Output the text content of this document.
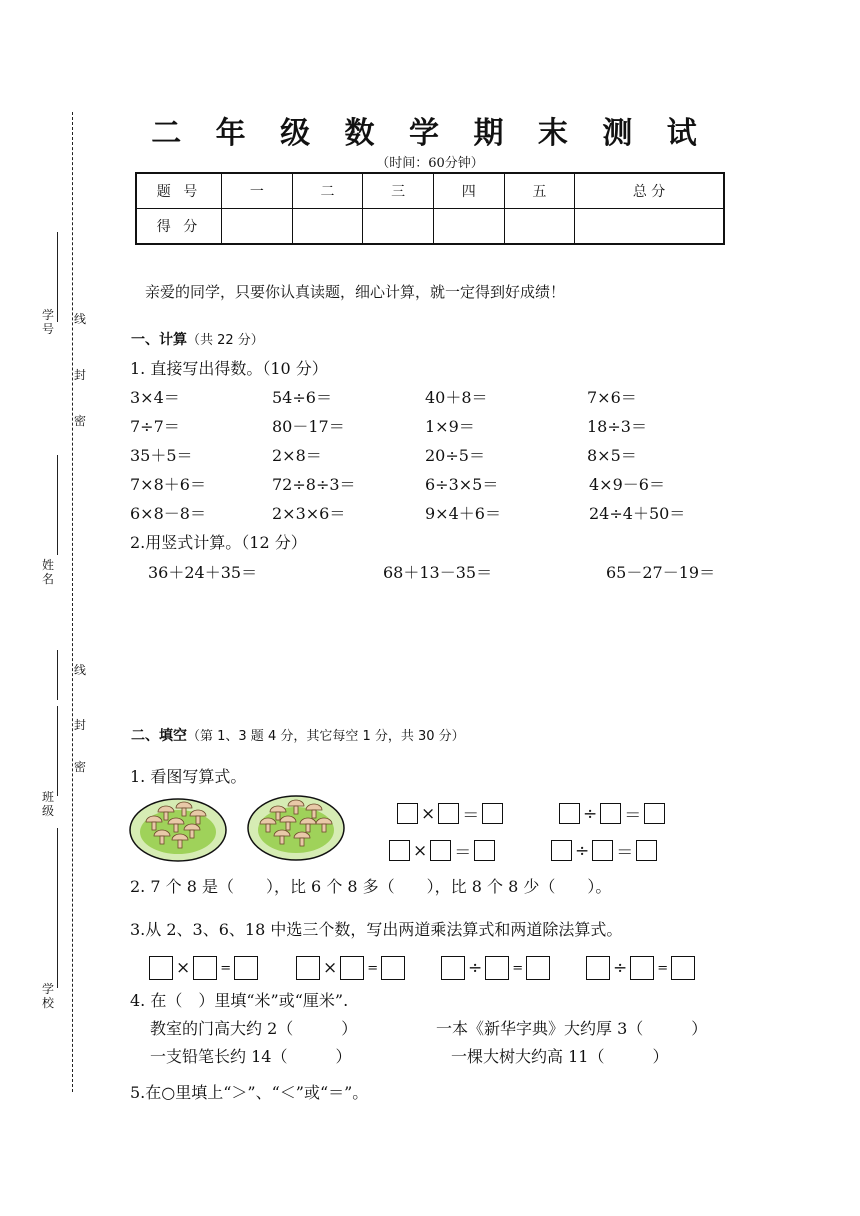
学 号
线
封
密
姓 名
线
封
密
班 级
学校
二 年 级 数 学 期 末 测 试
（时间：60分钟）
题 号	一	二	三	四	五	总 分
得 分						
亲爱的同学，只要你认真读题，细心计算，就一定得到好成绩！
一、计算（共 22 分）
1. 直接写出得数。（10 分）
3×4＝	54÷6＝	40＋8＝	7×6＝
7÷7＝	80－17＝	1×9＝	18÷3＝
35＋5＝	2×8＝	20÷5＝	8×5＝
7×8＋6＝	72÷8÷3＝	6÷3×5＝	4×9－6＝
6×8－8＝	2×3×6＝	9×4＋6＝	24÷4＋50＝
2.用竖式计算。（12 分）
36＋24＋35＝	68＋13－35＝	65－27－19＝
二、填空（第 1、3 题 4 分，其它每空 1 分，共 30 分）
1. 看图写算式。
× ＝	÷ ＝
× ＝	÷ ＝
2. 7 个 8 是（　　），比 6 个 8 多（　　），比 8 个 8 少（　　）。
3.从 2、3、6、18 中选三个数，写出两道乘法算式和两道除法算式。
× =	× =	÷ =	÷ =
4. 在（　）里填“米”或“厘米”.
教室的门高大约 2（　　　）	一本《新华字典》大约厚 3（　　　）
一支铅笔长约 14（　　　）	一棵大树大约高 11（　　　）
5.在○里填上“＞”、“＜”或“＝”。
